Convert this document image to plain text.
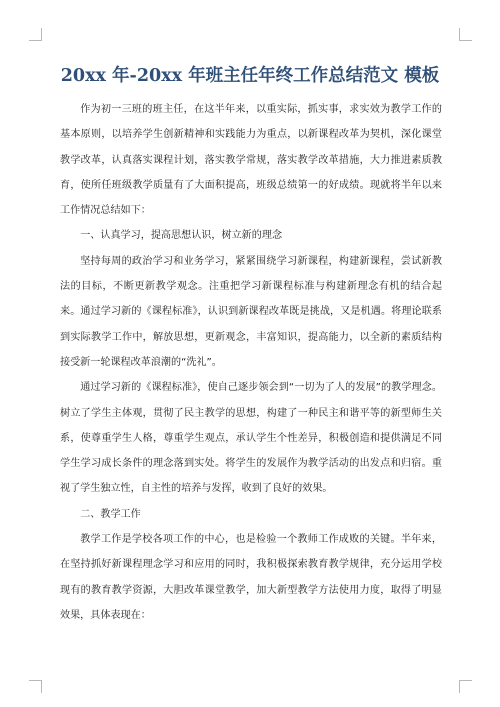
20xx 年-20xx 年班主任年终工作总结范文 模板

作为初一三班的班主任，在这半年来，以重实际，抓实事，求实效为教学工作的基本原则，以培养学生创新精神和实践能力为重点，以新课程改革为契机，深化课堂教学改革，认真落实课程计划，落实教学常规，落实教学改革措施，大力推进素质教育，使所任班级教学质量有了大面积提高，班级总绩第一的好成绩。现就将半年以来工作情况总结如下：

一、认真学习，提高思想认识，树立新的理念

坚持每周的政治学习和业务学习，紧紧围绕学习新课程，构建新课程，尝试新教法的目标，不断更新教学观念。注重把学习新课程标准与构建新理念有机的结合起来。通过学习新的《课程标准》，认识到新课程改革既是挑战，又是机遇。将理论联系到实际教学工作中，解放思想，更新观念，丰富知识，提高能力，以全新的素质结构接受新一轮课程改革浪潮的“洗礼”。

通过学习新的《课程标准》，使自己逐步领会到“一切为了人的发展”的教学理念。树立了学生主体观，贯彻了民主教学的思想，构建了一种民主和谐平等的新型师生关系，使尊重学生人格，尊重学生观点，承认学生个性差异，积极创造和提供满足不同学生学习成长条件的理念落到实处。将学生的发展作为教学活动的出发点和归宿。重视了学生独立性，自主性的培养与发挥，收到了良好的效果。

二、教学工作

教学工作是学校各项工作的中心，也是检验一个教师工作成败的关键。半年来，在坚持抓好新课程理念学习和应用的同时，我积极探索教育教学规律，充分运用学校现有的教育教学资源，大胆改革课堂教学，加大新型教学方法使用力度，取得了明显效果，具体表现在：
